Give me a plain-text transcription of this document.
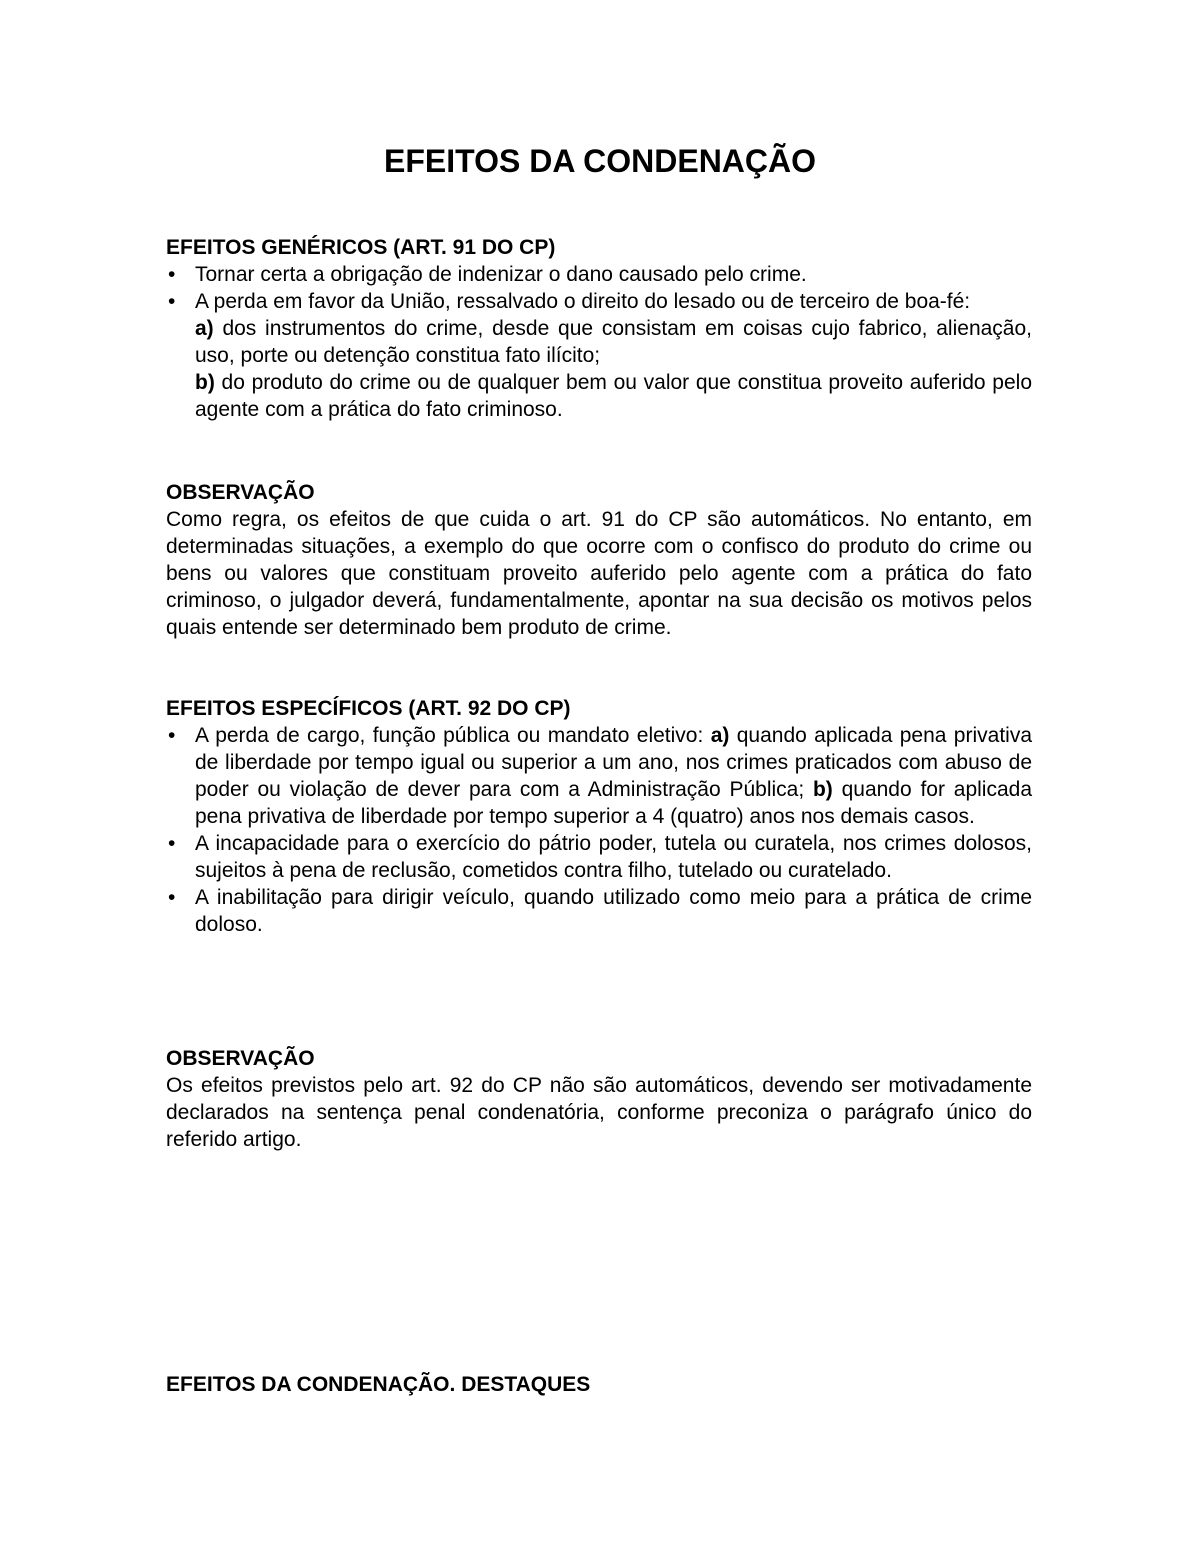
EFEITOS DA CONDENAÇÃO

EFEITOS GENÉRICOS (ART. 91 DO CP)

• Tornar certa a obrigação de indenizar o dano causado pelo crime.
• A perda em favor da União, ressalvado o direito do lesado ou de terceiro de boa-fé:
a) dos instrumentos do crime, desde que consistam em coisas cujo fabrico, alienação, uso, porte ou detenção constitua fato ilícito;
b) do produto do crime ou de qualquer bem ou valor que constitua proveito auferido pelo agente com a prática do fato criminoso.

OBSERVAÇÃO

Como regra, os efeitos de que cuida o art. 91 do CP são automáticos. No entanto, em determinadas situações, a exemplo do que ocorre com o confisco do produto do crime ou bens ou valores que constituam proveito auferido pelo agente com a prática do fato criminoso, o julgador deverá, fundamentalmente, apontar na sua decisão os motivos pelos quais entende ser determinado bem produto de crime.

EFEITOS ESPECÍFICOS (ART. 92 DO CP)

• A perda de cargo, função pública ou mandato eletivo: a) quando aplicada pena privativa de liberdade por tempo igual ou superior a um ano, nos crimes praticados com abuso de poder ou violação de dever para com a Administração Pública; b) quando for aplicada pena privativa de liberdade por tempo superior a 4 (quatro) anos nos demais casos.
• A incapacidade para o exercício do pátrio poder, tutela ou curatela, nos crimes dolosos, sujeitos à pena de reclusão, cometidos contra filho, tutelado ou curatelado.
• A inabilitação para dirigir veículo, quando utilizado como meio para a prática de crime doloso.

OBSERVAÇÃO

Os efeitos previstos pelo art. 92 do CP não são automáticos, devendo ser motivadamente declarados na sentença penal condenatória, conforme preconiza o parágrafo único do referido artigo.

EFEITOS DA CONDENAÇÃO. DESTAQUES
